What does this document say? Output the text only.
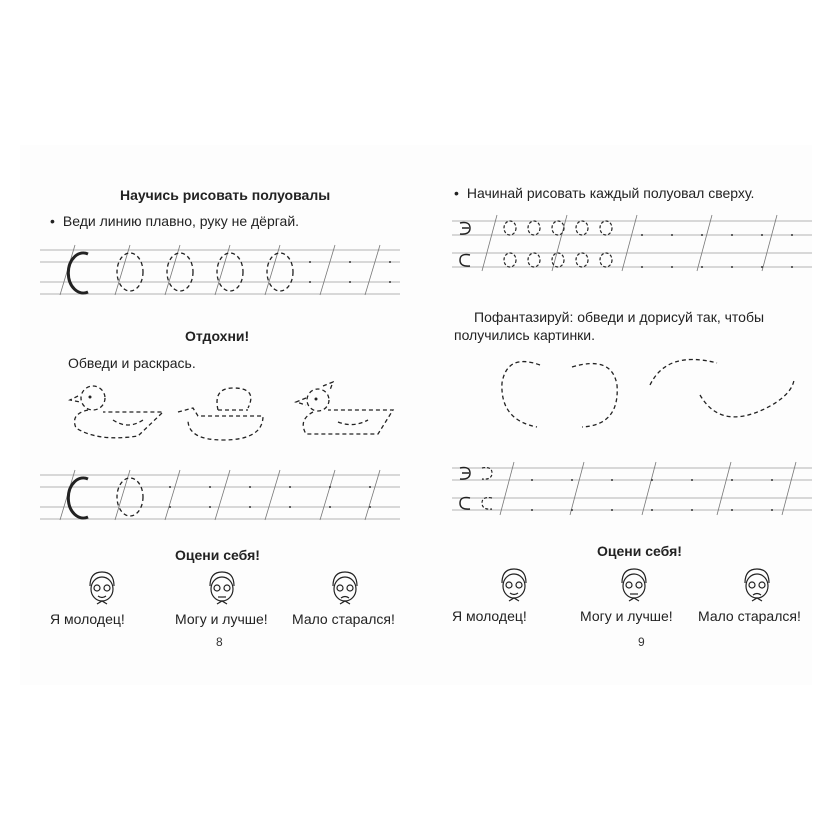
Научись рисовать полуовалы
• Веди линию плавно, руку не дёргай.
Отдохни!
Обведи и раскрась.
Оцени себя!
Я молодец!	Могу и лучше! Мало старался!
8
• Начинай рисовать каждый полуовал сверху.
Пофантазируй: обведи и дорисуй так, чтобы
получились картинки.
Оцени себя!
Я молодец!	Могу и лучше! Мало старался!
9
